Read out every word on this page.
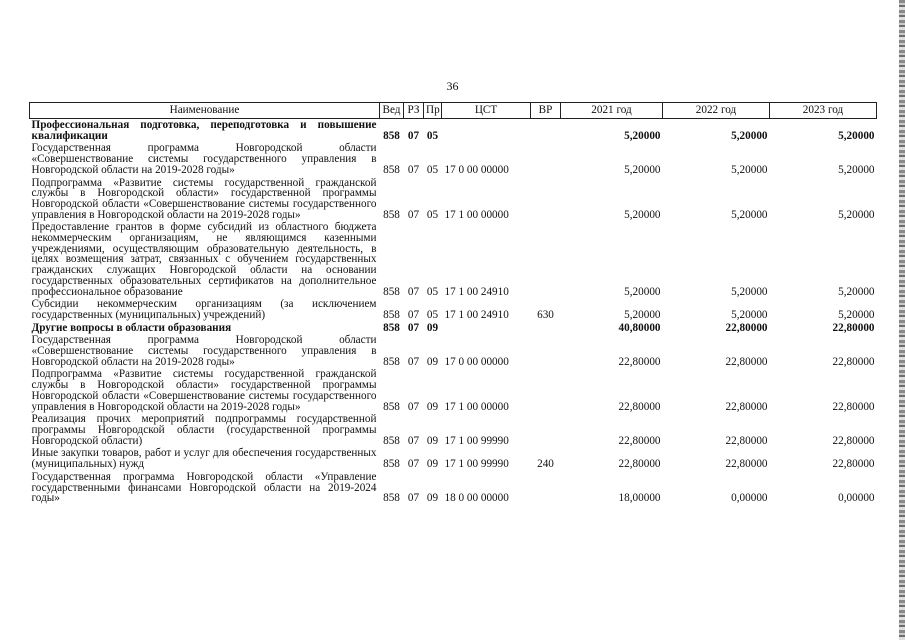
36
Наименование	Вед	РЗ	Пр	ЦСТ	ВР	2021 год	2022 год	2023 год
Профессиональная подготовка, переподготовка и повышение квалификации	858	07	05			5,20000	5,20000	5,20000
Государственная программа Новгородской области «Совершенствование системы государственного управления в Новгородской области на 2019-2028 годы»	858	07	05	17 0 00 00000		5,20000	5,20000	5,20000
Подпрограмма «Развитие системы государственной гражданской службы в Новгородской области» государственной программы Новгородской области «Совершенствование системы государственного управления в Новгородской области на 2019-2028 годы»	858	07	05	17 1 00 00000		5,20000	5,20000	5,20000
Предоставление грантов в форме субсидий из областного бюджета некоммерческим организациям, не являющимся казенными учреждениями, осуществляющим образовательную деятельность, в целях возмещения затрат, связанных с обучением государственных гражданских служащих Новгородской области на основании государственных образовательных сертификатов на дополнительное профессиональное образование	858	07	05	17 1 00 24910		5,20000	5,20000	5,20000
Субсидии некоммерческим организациям (за исключением государственных (муниципальных) учреждений)	858	07	05	17 1 00 24910	630	5,20000	5,20000	5,20000
Другие вопросы в области образования	858	07	09			40,80000	22,80000	22,80000
Государственная программа Новгородской области «Совершенствование системы государственного управления в Новгородской области на 2019-2028 годы»	858	07	09	17 0 00 00000		22,80000	22,80000	22,80000
Подпрограмма «Развитие системы государственной гражданской службы в Новгородской области» государственной программы Новгородской области «Совершенствование системы государственного управления в Новгородской области на 2019-2028 годы»	858	07	09	17 1 00 00000		22,80000	22,80000	22,80000
Реализация прочих мероприятий подпрограммы государственной программы Новгородской области (государственной программы Новгородской области)	858	07	09	17 1 00 99990		22,80000	22,80000	22,80000
Иные закупки товаров, работ и услуг для обеспечения государственных (муниципальных) нужд	858	07	09	17 1 00 99990	240	22,80000	22,80000	22,80000
Государственная программа Новгородской области «Управление государственными финансами Новгородской области на 2019-2024 годы»	858	07	09	18 0 00 00000		18,00000	0,00000	0,00000
